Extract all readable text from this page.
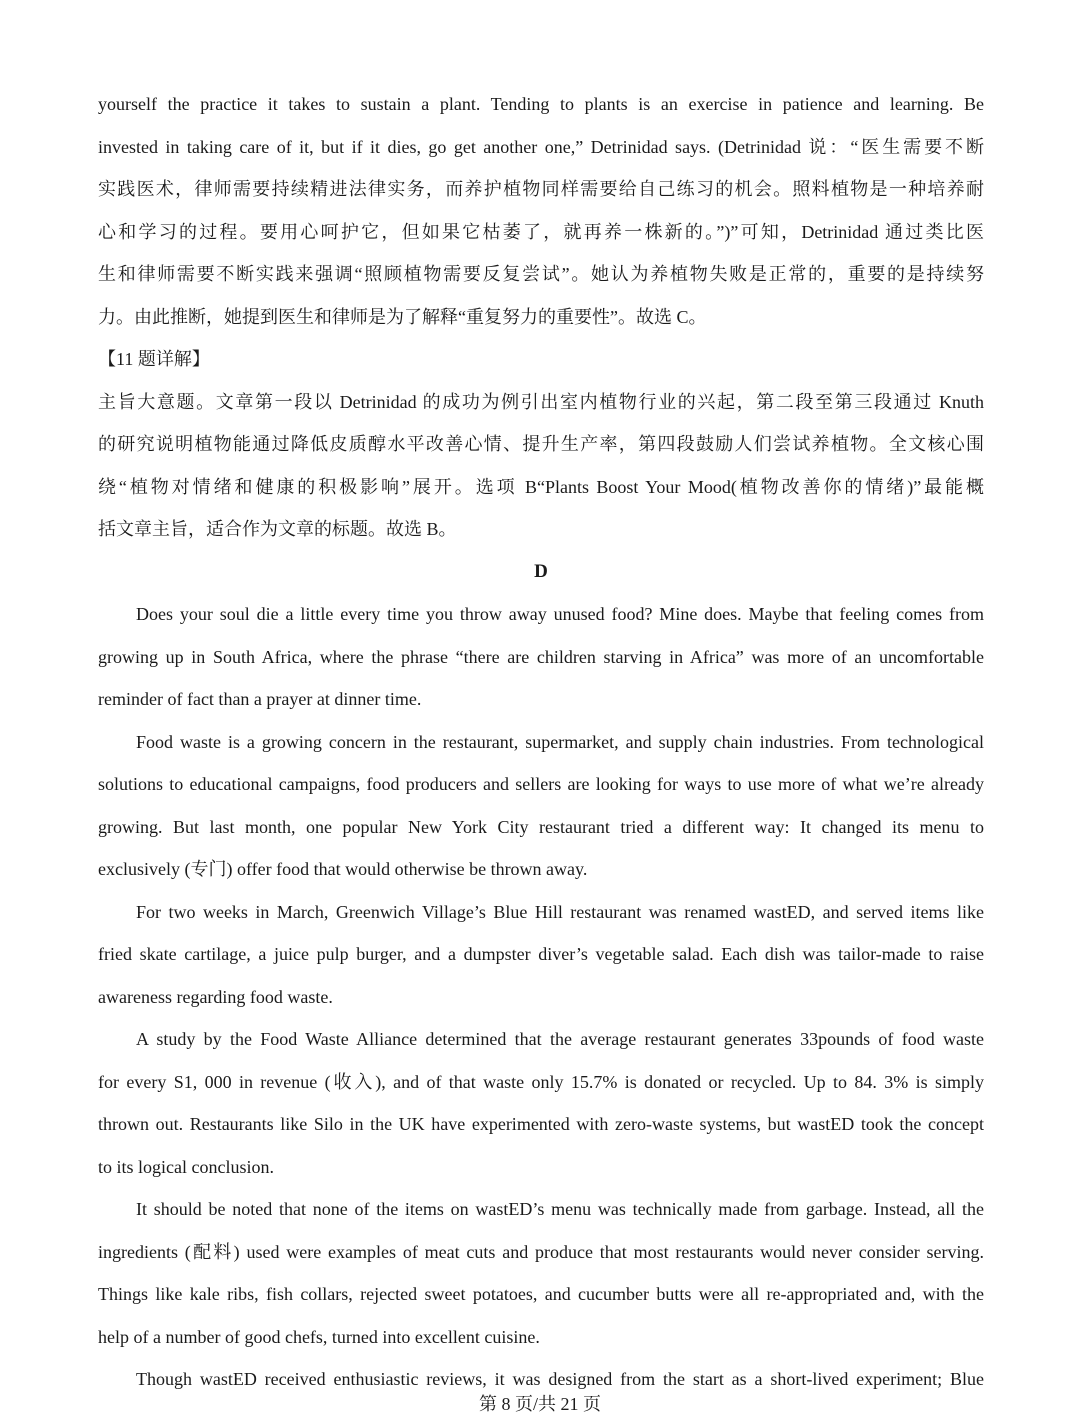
yourself the practice it takes to sustain a plant. Tending to plants is an exercise in patience and learning. Be
invested in taking care of it, but if it dies, go get another one,” Detrinidad says. (Detrinidad 说：“医生需要不断
实践医术，律师需要持续精进法律实务，而养护植物同样需要给自己练习的机会。照料植物是一种培养耐
心和学习的过程。要用心呵护它，但如果它枯萎了，就再养一株新的。”)”可知，Detrinidad 通过类比医
生和律师需要不断实践来强调“照顾植物需要反复尝试”。她认为养植物失败是正常的，重要的是持续努
力。由此推断，她提到医生和律师是为了解释“重复努力的重要性”。故选 C。
【11 题详解】
主旨大意题。文章第一段以 Detrinidad 的成功为例引出室内植物行业的兴起，第二段至第三段通过 Knuth
的研究说明植物能通过降低皮质醇水平改善心情、提升生产率，第四段鼓励人们尝试养植物。全文核心围
绕“植物对情绪和健康的积极影响”展开。选项 B“Plants Boost Your Mood(植物改善你的情绪)”最能概
括文章主旨，适合作为文章的标题。故选 B。
D
Does your soul die a little every time you throw away unused food? Mine does. Maybe that feeling comes from
growing up in South Africa, where the phrase “there are children starving in Africa” was more of an uncomfortable
reminder of fact than a prayer at dinner time.
Food waste is a growing concern in the restaurant, supermarket, and supply chain industries. From technological
solutions to educational campaigns, food producers and sellers are looking for ways to use more of what we’re already
growing. But last month, one popular New York City restaurant tried a different way: It changed its menu to
exclusively (专门) offer food that would otherwise be thrown away.
For two weeks in March, Greenwich Village’s Blue Hill restaurant was renamed wastED, and served items like
fried skate cartilage, a juice pulp burger, and a dumpster diver’s vegetable salad. Each dish was tailor-made to raise
awareness regarding food waste.
A study by the Food Waste Alliance determined that the average restaurant generates 33pounds of food waste
for every S1, 000 in revenue (收入), and of that waste only 15.7% is donated or recycled. Up to 84. 3% is simply
thrown out. Restaurants like Silo in the UK have experimented with zero-waste systems, but wastED took the concept
to its logical conclusion.
It should be noted that none of the items on wastED’s menu was technically made from garbage. Instead, all the
ingredients (配料) used were examples of meat cuts and produce that most restaurants would never consider serving.
Things like kale ribs, fish collars, rejected sweet potatoes, and cucumber butts were all re-appropriated and, with the
help of a number of good chefs, turned into excellent cuisine.
Though wastED received enthusiastic reviews, it was designed from the start as a short-lived experiment; Blue
第 8 页/共 21 页
